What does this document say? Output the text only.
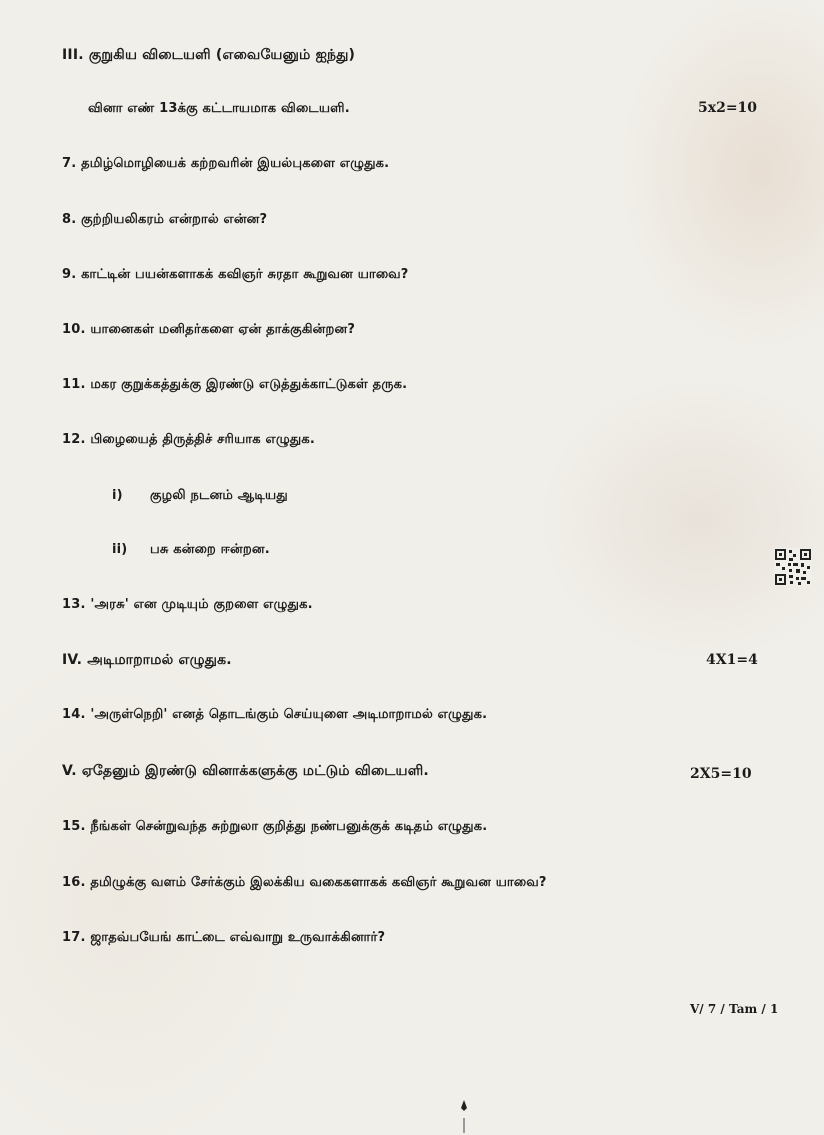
III. குறுகிய விடையளி (எவையேனும் ஐந்து)
வினா எண் 13க்கு கட்டாயமாக விடையளி.	5x2=10
7. தமிழ்மொழியைக் கற்றவரின் இயல்புகளை எழுதுக.
8. குற்றியலிகரம் என்றால் என்ன?
9. காட்டின் பயன்களாகக் கவிஞர் சுரதா கூறுவன யாவை?
10. யானைகள் மனிதர்களை ஏன் தாக்குகின்றன?
11. மகர குறுக்கத்துக்கு இரண்டு எடுத்துக்காட்டுகள் தருக.
12. பிழையைத் திருத்திச் சரியாக எழுதுக.
i) குழலி நடனம் ஆடியது
ii) பசு கன்றை ஈன்றன.
13. 'அரசு' என முடியும் குறளை எழுதுக.
IV. அடிமாறாமல் எழுதுக.	4X1=4
14. 'அருள்நெறி' எனத் தொடங்கும் செய்யுளை அடிமாறாமல் எழுதுக.
V. ஏதேனும் இரண்டு வினாக்களுக்கு மட்டும் விடையளி.	2X5=10
15. நீங்கள் சென்றுவந்த சுற்றுலா குறித்து நண்பனுக்குக் கடிதம் எழுதுக.
16. தமிழுக்கு வளம் சேர்க்கும் இலக்கிய வகைகளாகக் கவிஞர் கூறுவன யாவை?
17. ஜாதவ்பயேங் காட்டை எவ்வாறு உருவாக்கினார்?
V/ 7 / Tam / 1
